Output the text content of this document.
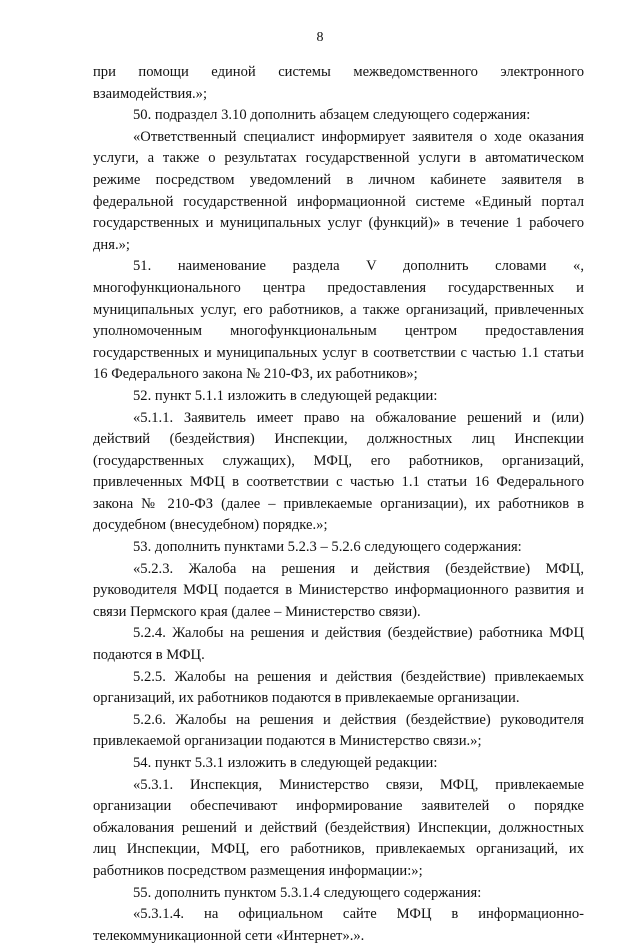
8

при помощи единой системы межведомственного электронного взаимодействия.»;

50. подраздел 3.10 дополнить абзацем следующего содержания:

«Ответственный специалист информирует заявителя о ходе оказания услуги, а также о результатах государственной услуги в автоматическом режиме посредством уведомлений в личном кабинете заявителя в федеральной государственной информационной системе «Единый портал государственных и муниципальных услуг (функций)» в течение 1 рабочего дня.»;

51. наименование раздела V дополнить словами «, многофункционального центра предоставления государственных и муниципальных услуг, его работников, а также организаций, привлеченных уполномоченным многофункциональным центром предоставления государственных и муниципальных услуг в соответствии с частью 1.1 статьи 16 Федерального закона № 210-ФЗ, их работников»;

52. пункт 5.1.1 изложить в следующей редакции:

«5.1.1. Заявитель имеет право на обжалование решений и (или) действий (бездействия) Инспекции, должностных лиц Инспекции (государственных служащих), МФЦ, его работников, организаций, привлеченных МФЦ в соответствии с частью 1.1 статьи 16 Федерального закона № 210-ФЗ (далее – привлекаемые организации), их работников в досудебном (внесудебном) порядке.»;

53. дополнить пунктами 5.2.3 – 5.2.6 следующего содержания:

«5.2.3. Жалоба на решения и действия (бездействие) МФЦ, руководителя МФЦ подается в Министерство информационного развития и связи Пермского края (далее – Министерство связи).

5.2.4. Жалобы на решения и действия (бездействие) работника МФЦ подаются в МФЦ.

5.2.5. Жалобы на решения и действия (бездействие) привлекаемых организаций, их работников подаются в привлекаемые организации.

5.2.6. Жалобы на решения и действия (бездействие) руководителя привлекаемой организации подаются в Министерство связи.»;

54. пункт 5.3.1 изложить в следующей редакции:

«5.3.1. Инспекция, Министерство связи, МФЦ, привлекаемые организации обеспечивают информирование заявителей о порядке обжалования решений и действий (бездействия) Инспекции, должностных лиц Инспекции, МФЦ, его работников, привлекаемых организаций, их работников посредством размещения информации:»;

55. дополнить пунктом 5.3.1.4 следующего содержания:

«5.3.1.4. на официальном сайте МФЦ в информационно-телекоммуникационной сети «Интернет».».
